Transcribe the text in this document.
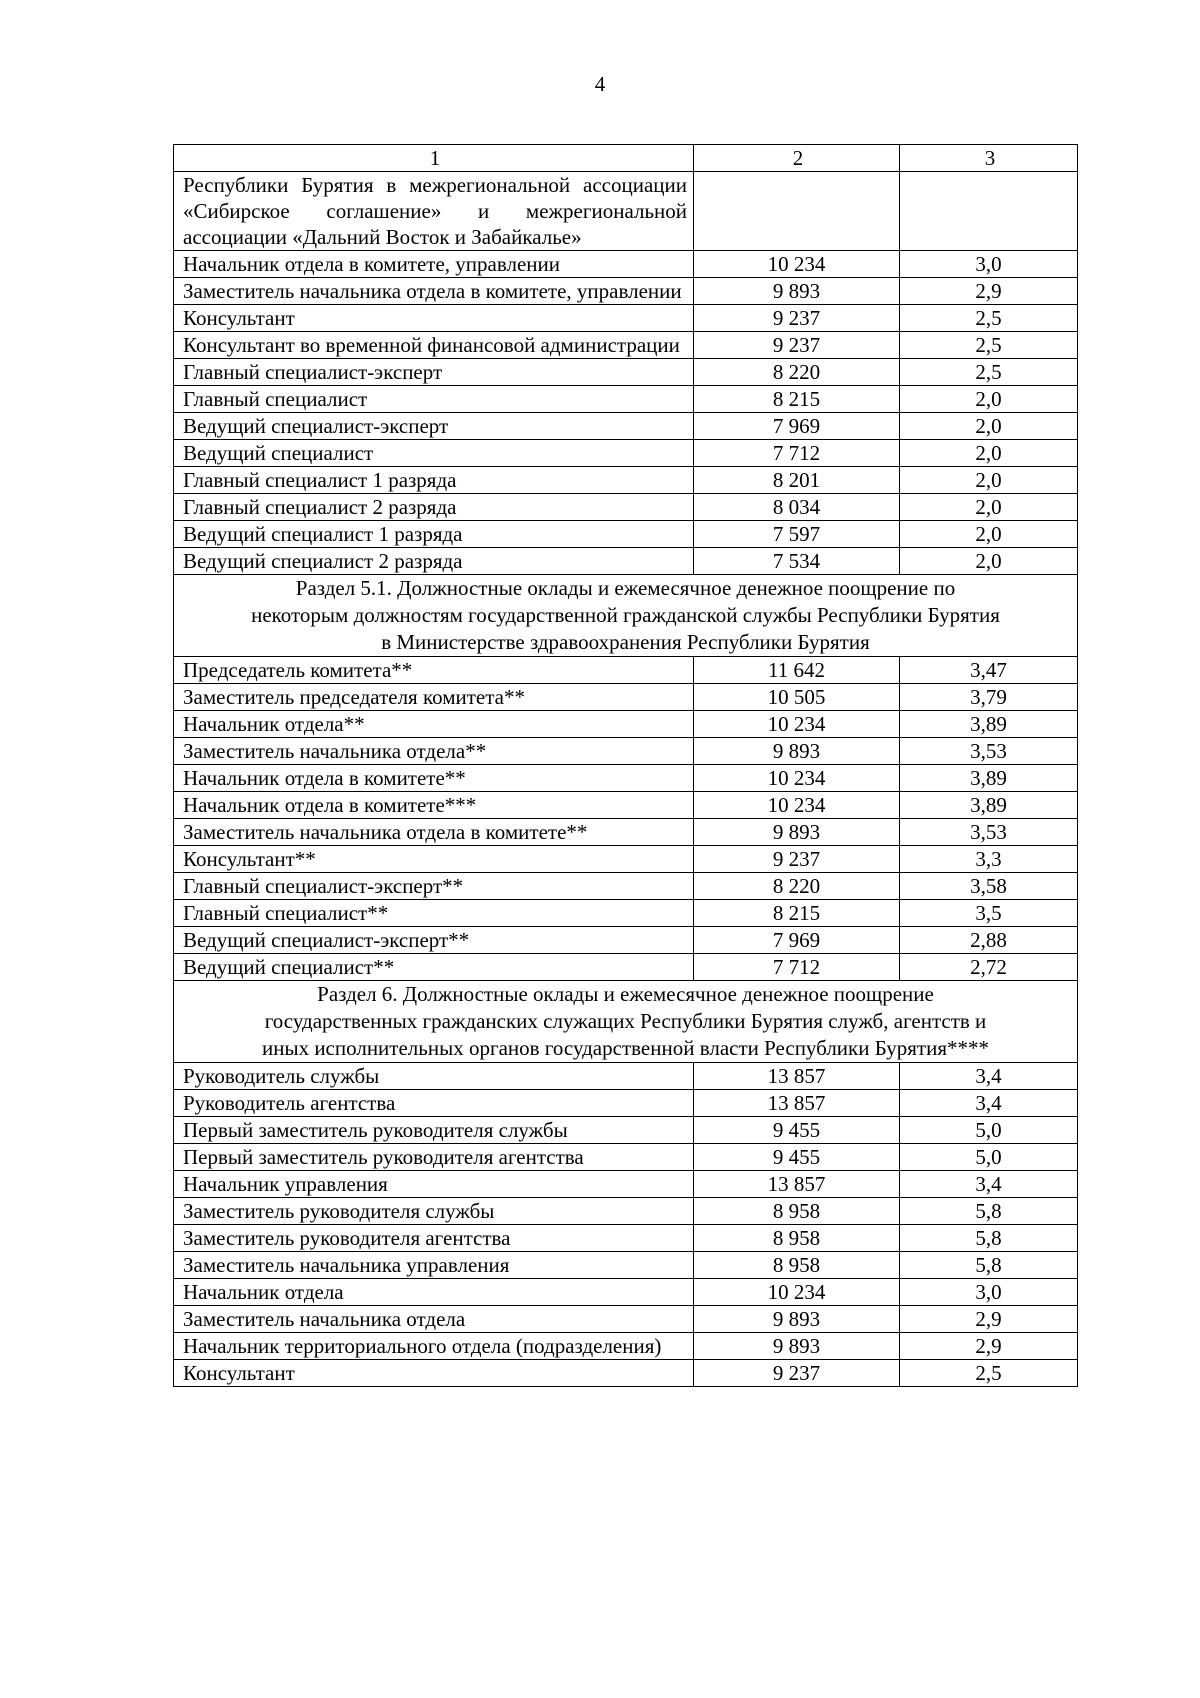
4
1	2	3
Республики Бурятия в межрегиональной ассоциации «Сибирское соглашение» и межрегиональной ассоциации «Дальний Восток и Забайкалье»		
Начальник отдела в комитете, управлении	10 234	3,0
Заместитель начальника отдела в комитете, управлении	9 893	2,9
Консультант	9 237	2,5
Консультант во временной финансовой администрации	9 237	2,5
Главный специалист-эксперт	8 220	2,5
Главный специалист	8 215	2,0
Ведущий специалист-эксперт	7 969	2,0
Ведущий специалист	7 712	2,0
Главный специалист 1 разряда	8 201	2,0
Главный специалист 2 разряда	8 034	2,0
Ведущий специалист 1 разряда	7 597	2,0
Ведущий специалист 2 разряда	7 534	2,0

Раздел 5.1. Должностные оклады и ежемесячное денежное поощрение по
некоторым должностям государственной гражданской службы Республики Бурятия
в Министерстве здравоохранения Республики Бурятия		

Председатель комитета**	11 642	3,47
Заместитель председателя комитета**	10 505	3,79
Начальник отдела**	10 234	3,89
Заместитель начальника отдела**	9 893	3,53
Начальник отдела в комитете**	10 234	3,89
Начальник отдела в комитете***	10 234	3,89
Заместитель начальника отдела в комитете**	9 893	3,53
Консультант**	9 237	3,3
Главный специалист-эксперт**	8 220	3,58
Главный специалист**	8 215	3,5
Ведущий специалист-эксперт**	7 969	2,88
Ведущий специалист**	7 712	2,72

Раздел 6. Должностные оклады и ежемесячное денежное поощрение
государственных гражданских служащих Республики Бурятия служб, агентств и
иных исполнительных органов государственной власти Республики Бурятия****		

Руководитель службы	13 857	3,4
Руководитель агентства	13 857	3,4
Первый заместитель руководителя службы	9 455	5,0
Первый заместитель руководителя агентства	9 455	5,0
Начальник управления	13 857	3,4
Заместитель руководителя службы	8 958	5,8
Заместитель руководителя агентства	8 958	5,8
Заместитель начальника управления	8 958	5,8
Начальник отдела	10 234	3,0
Заместитель начальника отдела	9 893	2,9
Начальник территориального отдела (подразделения)	9 893	2,9
Консультант	9 237	2,5
